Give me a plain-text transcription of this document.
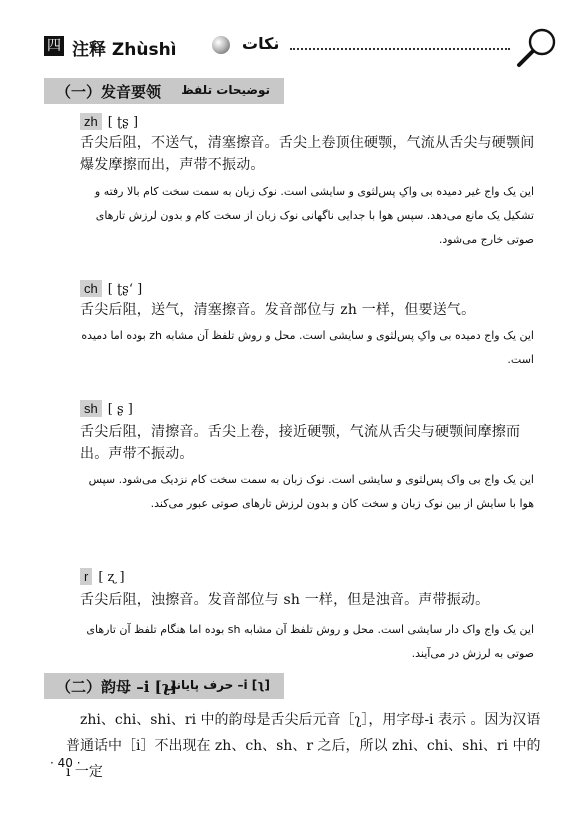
四 注释 Zhùshì	نکات
（一）发音要领 توضیحات تلفظ
zh [ ʈʂ ]
舌尖后阻，不送气，清塞擦音。舌尖上卷顶住硬颚，气流从舌尖与硬颚间爆发摩擦而出，声带不振动。
این یک واج غیر دمیده بی واکِ پس‌لثوی و سایشی است. نوک زبان به سمت سخت کام بالا رفته و تشکیل یک مانع می‌دهد. سپس هوا با جدایی ناگهانی نوک زبان از سخت کام و بدون لرزش تارهای صوتی خارج می‌شود.
ch [ ʈʂʻ ]
舌尖后阻，送气，清塞擦音。发音部位与 zh 一样，但要送气。
این یک واج دمیده بی واکِ پس‌لثوی و سایشی است. محل و روش تلفظ آن مشابه zh بوده اما دمیده است.
sh [ ʂ ]
舌尖后阻，清擦音。舌尖上卷，接近硬颚，气流从舌尖与硬颚间摩擦而出。声带不振动。
این یک واج بی واک پس‌لثوی و سایشی است. نوک زبان به سمت سخت کام نزدیک می‌شود. سپس هوا با سایش از بین نوک زبان و سخت کان و بدون لرزش تارهای صوتی عبور می‌کند.
r [ ʐ ]
舌尖后阻，浊擦音。发音部位与 sh 一样，但是浊音。声带振动。
این یک واج واک دار سایشی است. محل و روش تلفظ آن مشابه sh بوده اما هنگام تلفظ آن تارهای صوتی به لرزش در می‌آیند.
（二）韵母 –i [ʅ]
حرف پایانی –i [ʅ]
zhi、chi、shi、ri 中的韵母是舌尖后元音［ʅ］，用字母-i 表示 。因为汉语普通话中［i］不出现在 zh、ch、sh、r 之后，所以 zhi、chi、shi、ri 中的 i 一定
· 40 ·
